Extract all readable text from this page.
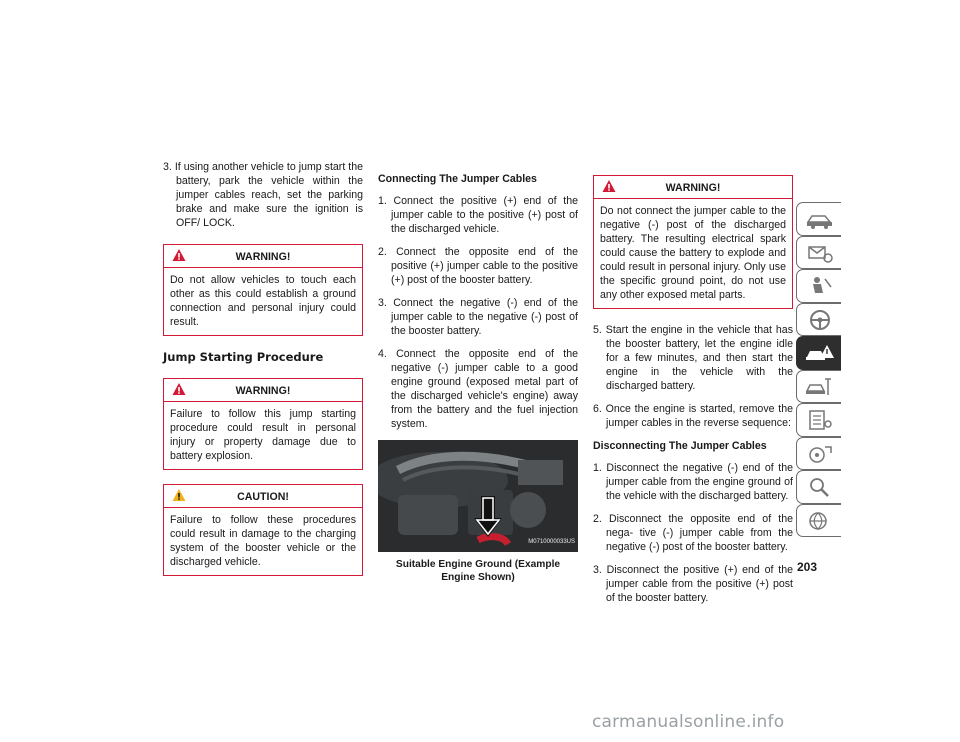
3. If using another vehicle to jump start the battery, park the vehicle within the jumper cables reach, set the parking brake and make sure the ignition is OFF/ LOCK.

WARNING!
Do not allow vehicles to touch each other as this could establish a ground connection and personal injury could result.
Jump Starting Procedure
WARNING!
Failure to follow this jump starting procedure could result in personal injury or property damage due to battery explosion.
CAUTION!
Failure to follow these procedures could result in damage to the charging system of the booster vehicle or the discharged vehicle.
Connecting The Jumper Cables

1. Connect the positive (+) end of the jumper cable to the positive (+) post of the discharged vehicle.

2. Connect the opposite end of the positive (+) jumper cable to the positive (+) post of the booster battery.

3. Connect the negative (-) end of the jumper cable to the negative (-) post of the booster battery.

4. Connect the opposite end of the negative (-) jumper cable to a good engine ground (exposed metal part of the discharged vehicle's engine) away from the battery and the fuel injection system.

M0710000033US
Suitable Engine Ground (Example Engine Shown)
WARNING!
Do not connect the jumper cable to the negative (-) post of the discharged battery. The resulting electrical spark could cause the battery to explode and could result in personal injury. Only use the specific ground point, do not use any other exposed metal parts.

5. Start the engine in the vehicle that has the booster battery, let the engine idle for a few minutes, and then start the engine in the vehicle with the discharged battery.

6. Once the engine is started, remove the jumper cables in the reverse sequence:

Disconnecting The Jumper Cables

1. Disconnect the negative (-) end of the jumper cable from the engine ground of the vehicle with the discharged battery.

2. Disconnect the opposite end of the nega- tive (-) jumper cable from the negative (-) post of the booster battery.

3. Disconnect the positive (+) end of the jumper cable from the positive (+) post of the booster battery.

203
carmanualsonline.info
